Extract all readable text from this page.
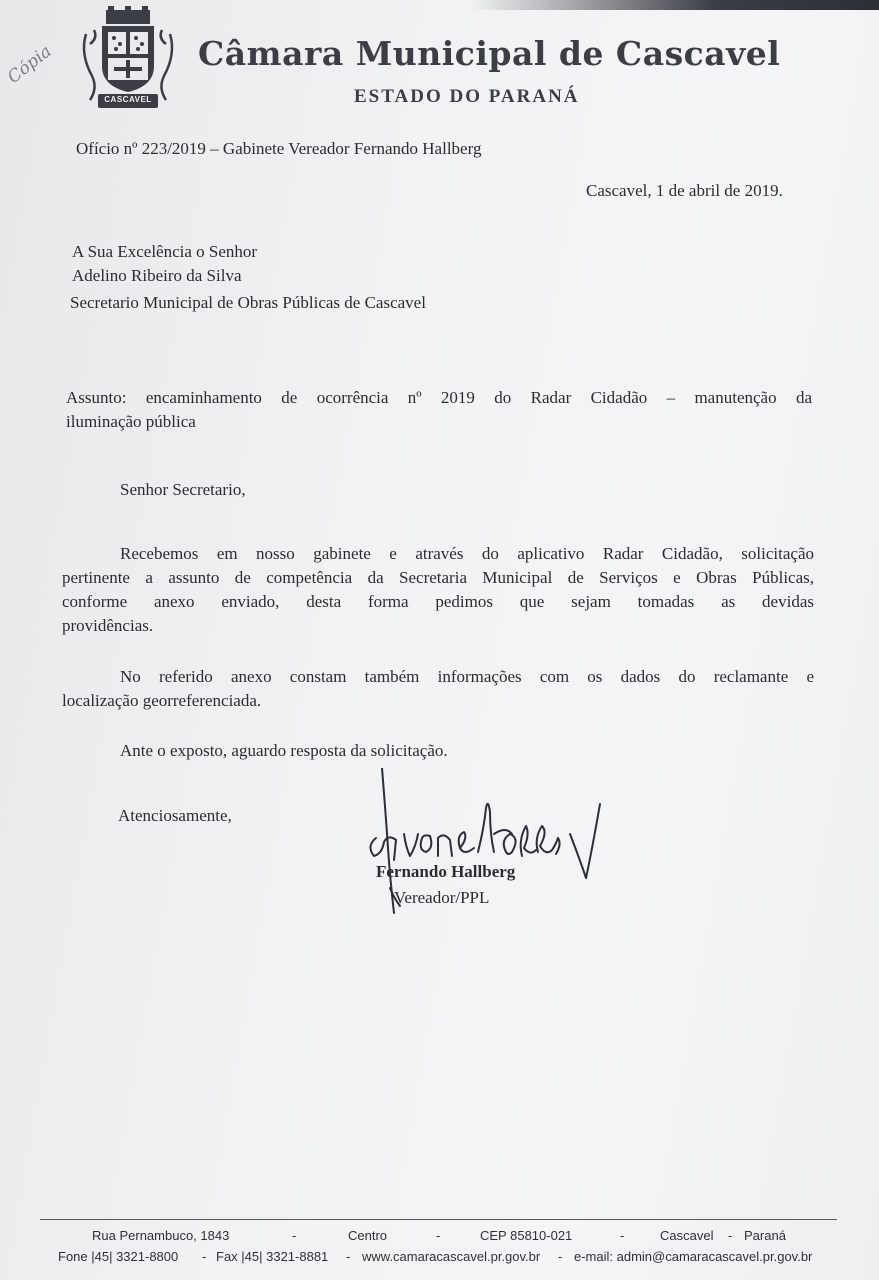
CASCAVEL
Cópia	Câmara Municipal de Cascavel
ESTADO DO PARANÁ
Ofício nº 223/2019 – Gabinete Vereador Fernando Hallberg
Cascavel, 1 de abril de 2019.
A Sua Excelência o Senhor
Adelino Ribeiro da Silva
Secretario Municipal de Obras Públicas de Cascavel
Assunto: encaminhamento de ocorrência nº 2019 do Radar Cidadão – manutenção da
iluminação pública
Senhor Secretario,
Recebemos em nosso gabinete e através do aplicativo Radar Cidadão, solicitação
pertinente a assunto de competência da Secretaria Municipal de Serviços e Obras Públicas,
conforme anexo enviado, desta forma pedimos que sejam tomadas as devidas
providências.
No referido anexo constam também informações com os dados do reclamante e
localização georreferenciada.
Ante o exposto, aguardo resposta da solicitação.
Atenciosamente,
Fernando Hallberg
Vereador/PPL
Rua Pernambuco, 1843	-	Centro	-	CEP 85810-021	-	Cascavel - Paraná
Fone |45| 3321-8800 - Fax |45| 3321-8881 - www.camaracascavel.pr.gov.br - e-mail: admin@camaracascavel.pr.gov.br
